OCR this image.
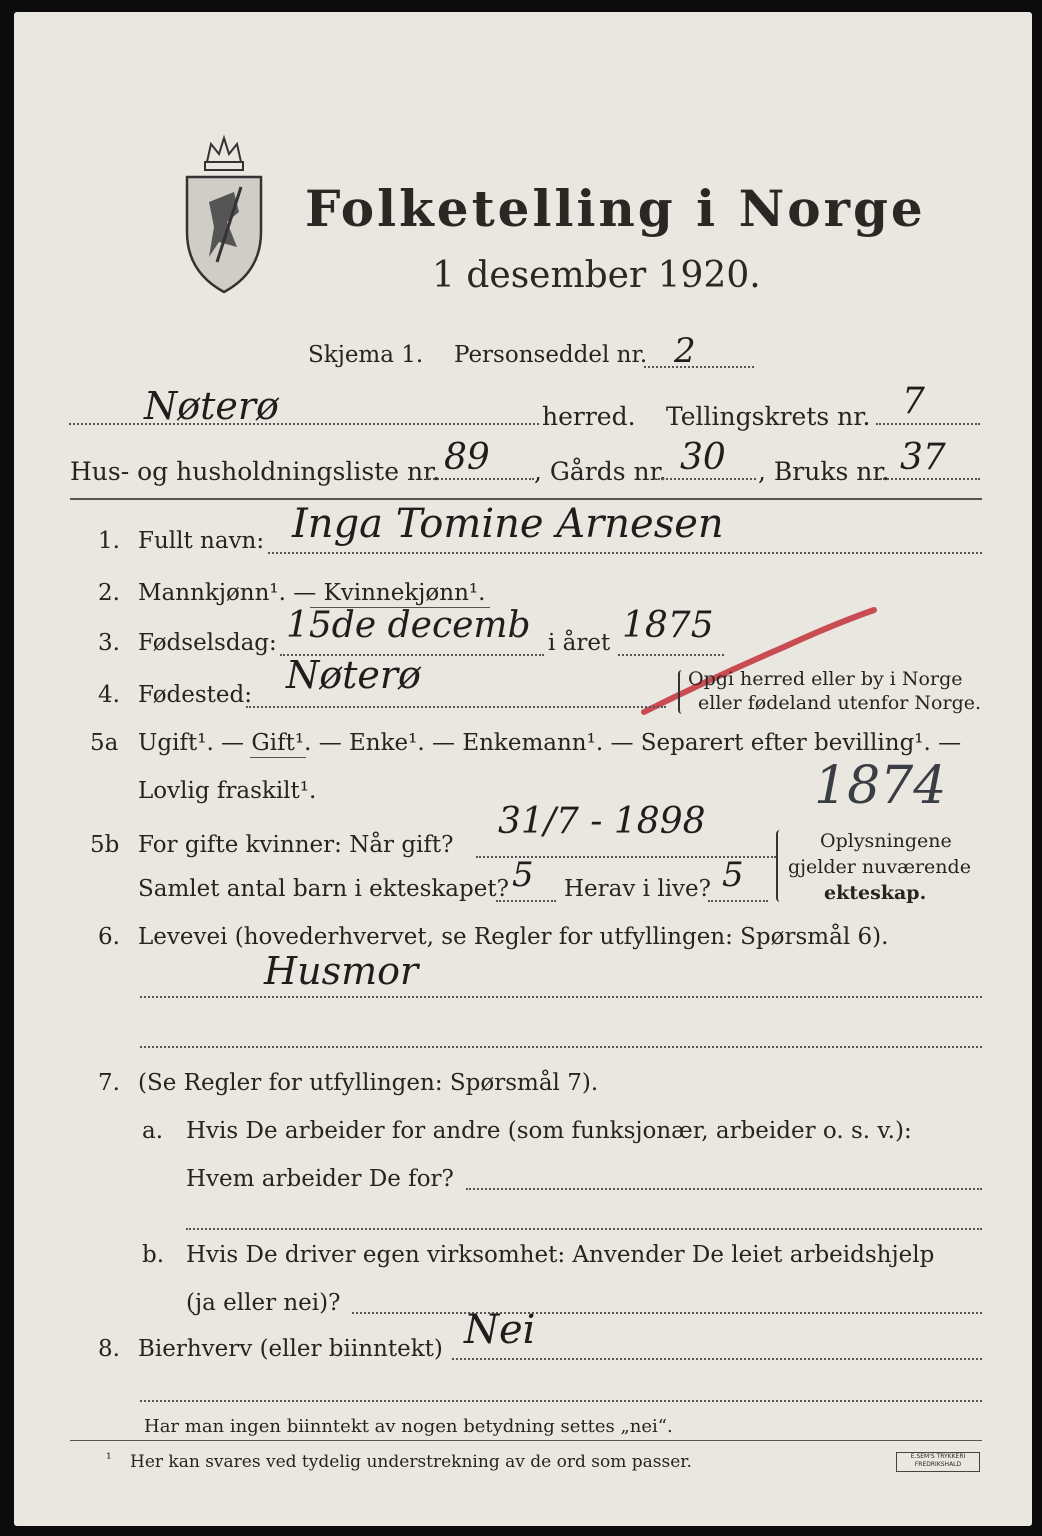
Folketelling i Norge
1 desember 1920.
Skjema 1. Personseddel nr. 2
Nøterø	herred. Tellingskrets nr. 7
Hus- og husholdningsliste nr. 89 , Gårds nr. 30 , Bruks nr. 37
1. Fullt navn: Inga Tomine Arnesen
2. Mannkjønn¹. — Kvinnekjønn¹.
3. Fødselsdag: 15de decemb i året 1875
4. Fødested: Nøterø	Opgi herred eller by i Norge
eller fødeland utenfor Norge.
5a Ugift¹. — Gift¹. — Enke¹. — Enkemann¹. — Separert efter bevilling¹. —
Lovlig fraskilt¹.	1874
5b For gifte kvinner: Når gift?
31/7 - 1898
Samlet antal barn i ekteskapet? 5 Herav i live? 5
Oplysningene
gjelder nuværende
ekteskap.
6. Levevei (hovederhvervet, se Regler for utfyllingen: Spørsmål 6).
Husmor
7. (Se Regler for utfyllingen: Spørsmål 7).
a. Hvis De arbeider for andre (som funksjonær, arbeider o. s. v.):
Hvem arbeider De for?
b. Hvis De driver egen virksomhet: Anvender De leiet arbeidshjelp
(ja eller nei)?
8. Bierhverv (eller biinntekt) Nei
Har man ingen biinntekt av nogen betydning settes „nei“.
¹ Her kan svares ved tydelig understrekning av de ord som passer.	E.SEM'S TRYKKERI
FREDRIKSHALD
